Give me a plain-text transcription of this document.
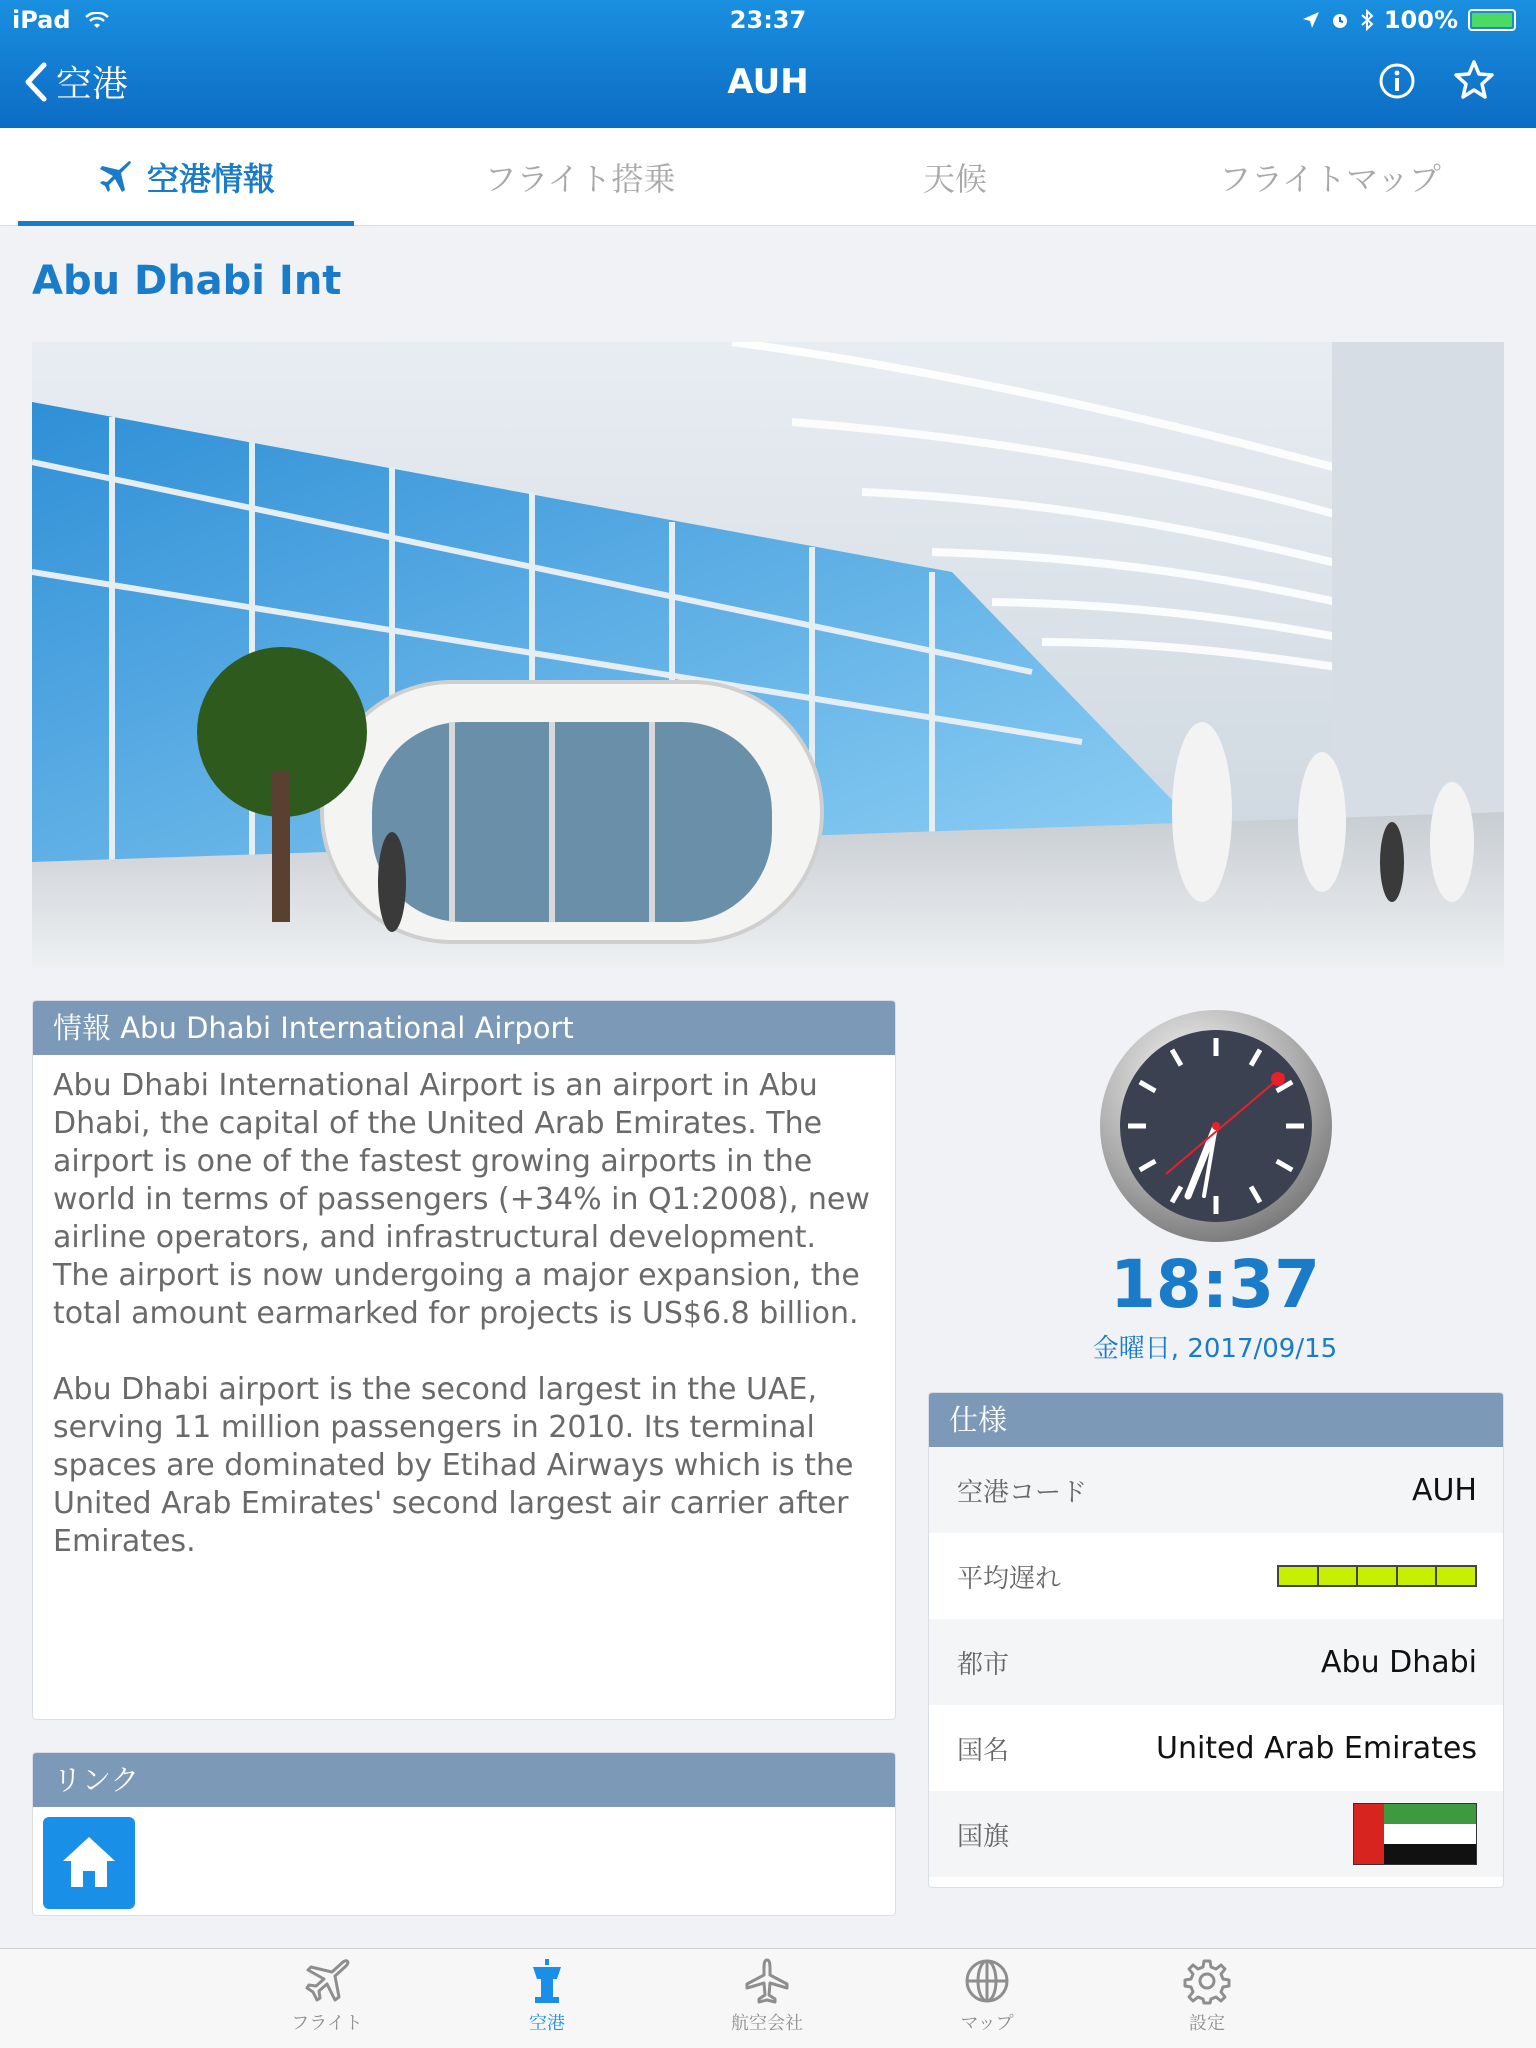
iPad	23:37	100%
空港	AUH
空港情報	フライト搭乗	天候	フライトマップ
Abu Dhabi Int
情報 Abu Dhabi International Airport
Abu Dhabi International Airport is an airport in Abu Dhabi, the capital of the United Arab Emirates. The airport is one of the fastest growing airports in the world in terms of passengers (+34% in Q1:2008), new airline operators, and infrastructural development. The airport is now undergoing a major expansion, the total amount earmarked for projects is US$6.8 billion.

Abu Dhabi airport is the second largest in the UAE, serving 11 million passengers in 2010. Its terminal spaces are dominated by Etihad Airways which is the United Arab Emirates' second largest air carrier after Emirates.
リンク
18:37
金曜日, 2017/09/15
仕様
空港コード	AUH
平均遅れ
都市	Abu Dhabi
国名	United Arab Emirates
国旗
フライト	空港	航空会社	マップ	設定
